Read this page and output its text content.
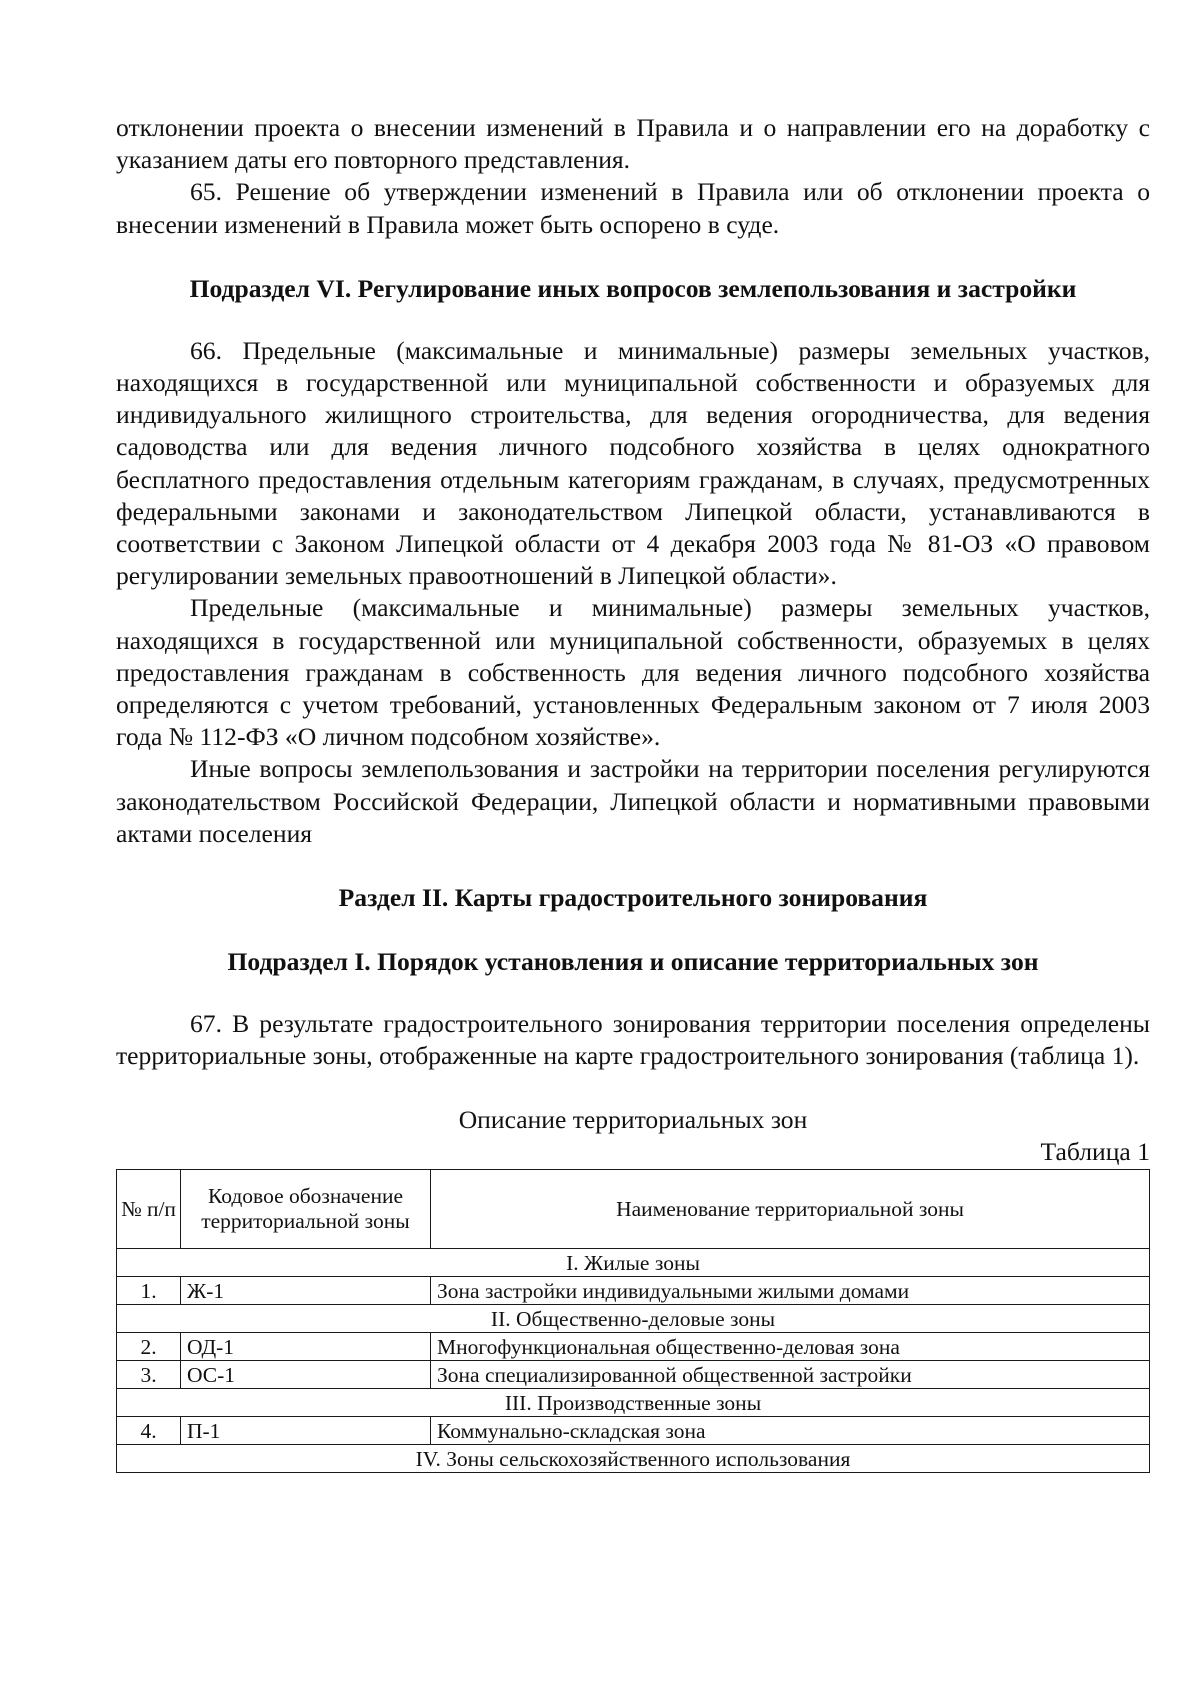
отклонении проекта о внесении изменений в Правила и о направлении его на доработку с указанием даты его повторного представления.

65. Решение об утверждении изменений в Правила или об отклонении проекта о внесении изменений в Правила может быть оспорено в суде.

Подраздел VI. Регулирование иных вопросов землепользования и застройки

66. Предельные (максимальные и минимальные) размеры земельных участков, находящихся в государственной или муниципальной собственности и образуемых для индивидуального жилищного строительства, для ведения огородничества, для ведения садоводства или для ведения личного подсобного хозяйства в целях однократного бесплатного предоставления отдельным категориям гражданам, в случаях, предусмотренных федеральными законами и законодательством Липецкой области, устанавливаются в соответствии с Законом Липецкой области от 4 декабря 2003 года № 81-ОЗ «О правовом регулировании земельных правоотношений в Липецкой области».

Предельные (максимальные и минимальные) размеры земельных участков, находящихся в государственной или муниципальной собственности, образуемых в целях предоставления гражданам в собственность для ведения личного подсобного хозяйства определяются с учетом требований, установленных Федеральным законом от 7 июля 2003 года № 112-ФЗ «О личном подсобном хозяйстве».

Иные вопросы землепользования и застройки на территории поселения регулируются законодательством Российской Федерации, Липецкой области и нормативными правовыми актами поселения

Раздел II. Карты градостроительного зонирования
Подраздел I. Порядок установления и описание территориальных зон

67. В результате градостроительного зонирования территории поселения определены территориальные зоны, отображенные на карте градостроительного зонирования (таблица 1).

Описание территориальных зон
Таблица 1
№ п/п	Кодовое обозначение территориальной зоны	Наименование территориальной зоны
I. Жилые зоны		
1.	Ж-1	Зона застройки индивидуальными жилыми домами
II. Общественно-деловые зоны		
2.	ОД-1	Многофункциональная общественно-деловая зона
3.	ОС-1	Зона специализированной общественной застройки
III. Производственные зоны		
4.	П-1	Коммунально-складская зона
IV. Зоны сельскохозяйственного использования		
